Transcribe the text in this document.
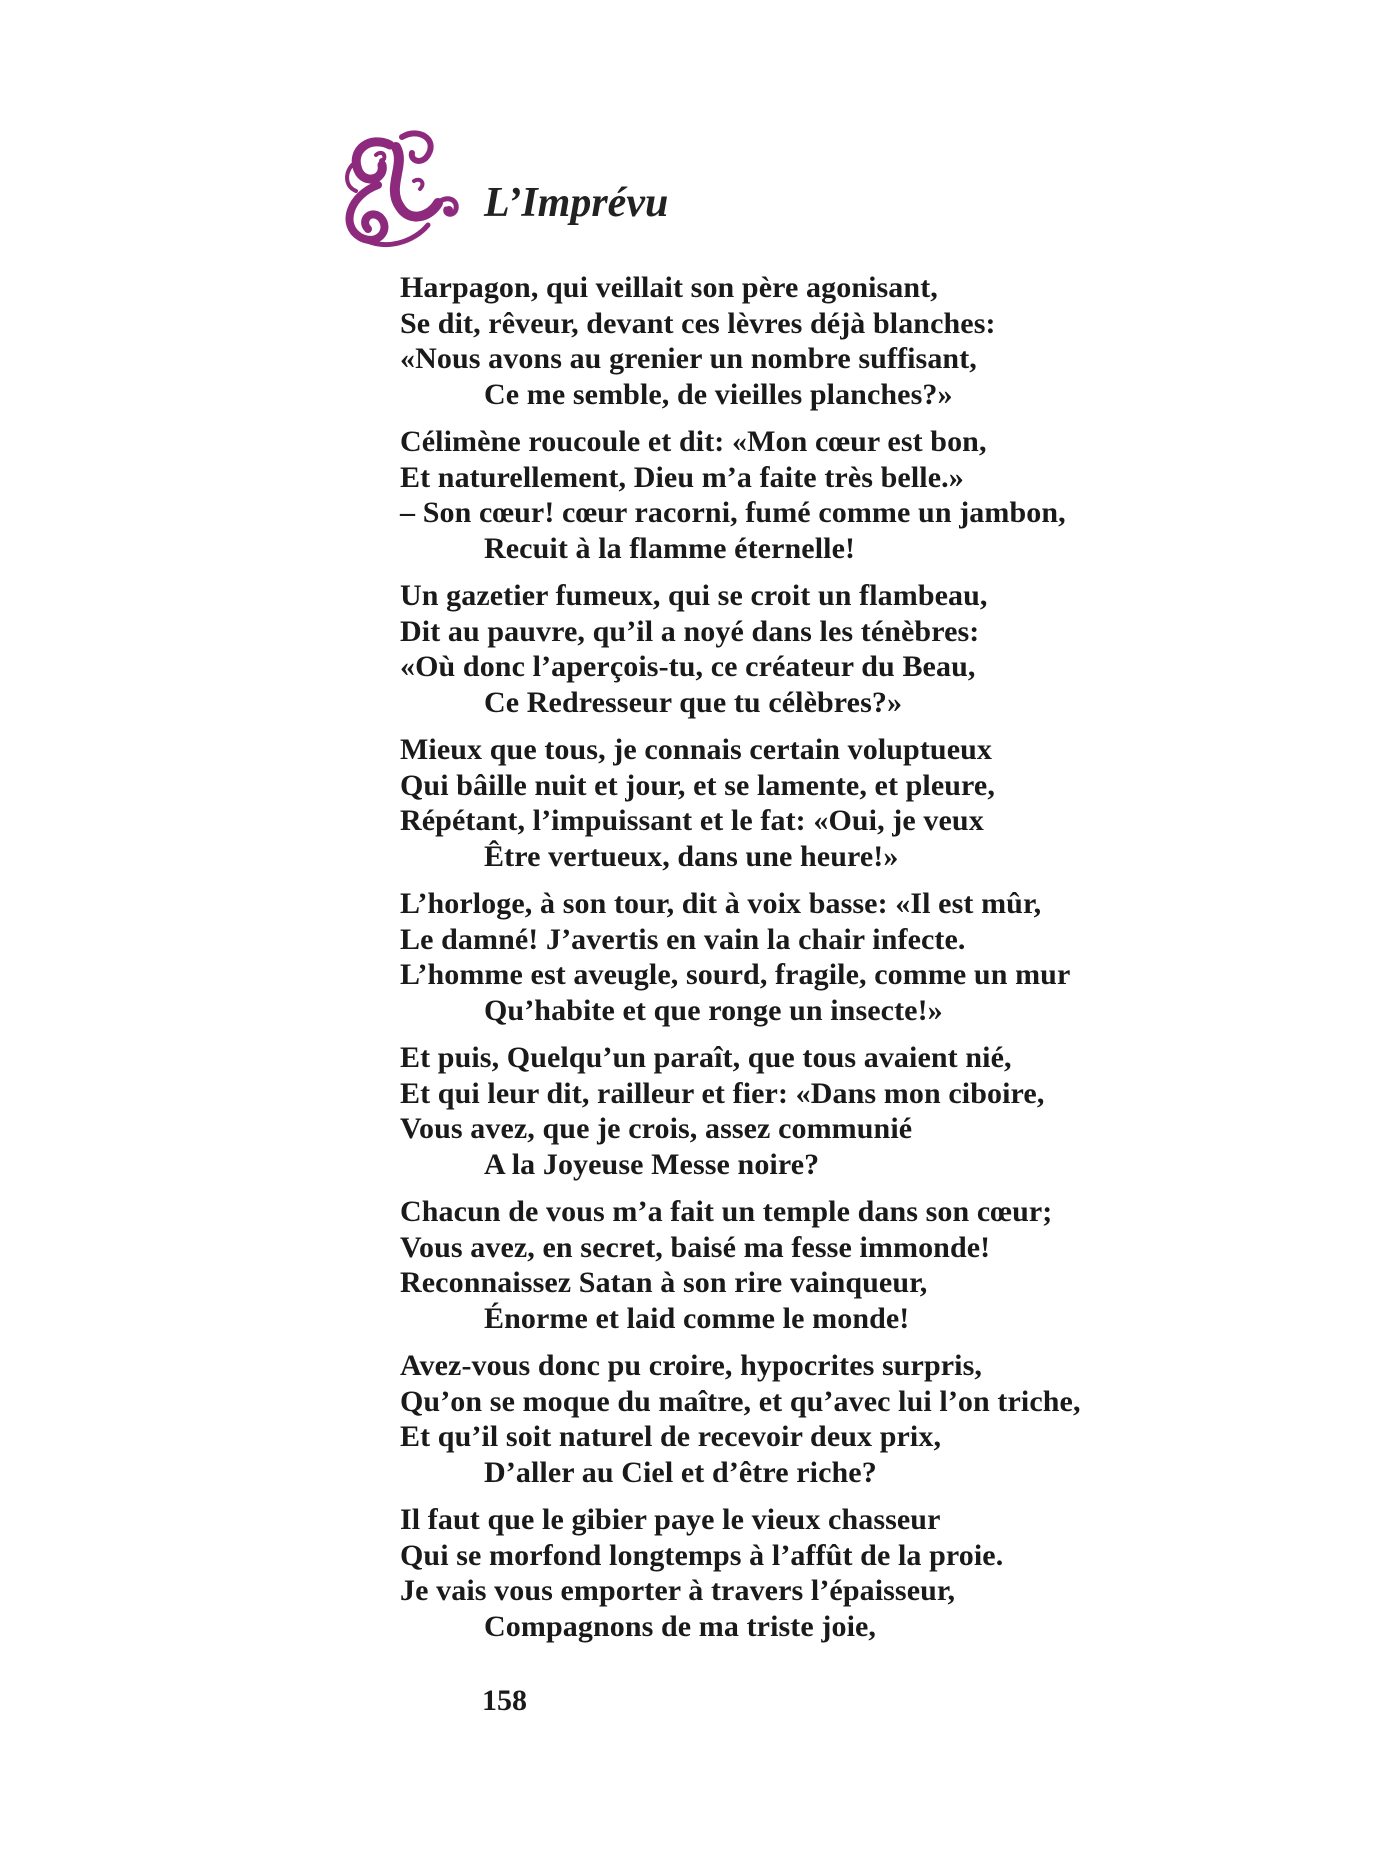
L’Imprévu
Harpagon, qui veillait son père agonisant,
Se dit, rêveur, devant ces lèvres déjà blanches:
«Nous avons au grenier un nombre suffisant,
Ce me semble, de vieilles planches?»
Célimène roucoule et dit: «Mon cœur est bon,
Et naturellement, Dieu m’a faite très belle.»
– Son cœur! cœur racorni, fumé comme un jambon,
Recuit à la flamme éternelle!
Un gazetier fumeux, qui se croit un flambeau,
Dit au pauvre, qu’il a noyé dans les ténèbres:
«Où donc l’aperçois-tu, ce créateur du Beau,
Ce Redresseur que tu célèbres?»
Mieux que tous, je connais certain voluptueux
Qui bâille nuit et jour, et se lamente, et pleure,
Répétant, l’impuissant et le fat: «Oui, je veux
Être vertueux, dans une heure!»
L’horloge, à son tour, dit à voix basse: «Il est mûr,
Le damné! J’avertis en vain la chair infecte.
L’homme est aveugle, sourd, fragile, comme un mur
Qu’habite et que ronge un insecte!»
Et puis, Quelqu’un paraît, que tous avaient nié,
Et qui leur dit, railleur et fier: «Dans mon ciboire,
Vous avez, que je crois, assez communié
A la Joyeuse Messe noire?
Chacun de vous m’a fait un temple dans son cœur;
Vous avez, en secret, baisé ma fesse immonde!
Reconnaissez Satan à son rire vainqueur,
Énorme et laid comme le monde!
Avez-vous donc pu croire, hypocrites surpris,
Qu’on se moque du maître, et qu’avec lui l’on triche,
Et qu’il soit naturel de recevoir deux prix,
D’aller au Ciel et d’être riche?
Il faut que le gibier paye le vieux chasseur
Qui se morfond longtemps à l’affût de la proie.
Je vais vous emporter à travers l’épaisseur,
Compagnons de ma triste joie,
158
